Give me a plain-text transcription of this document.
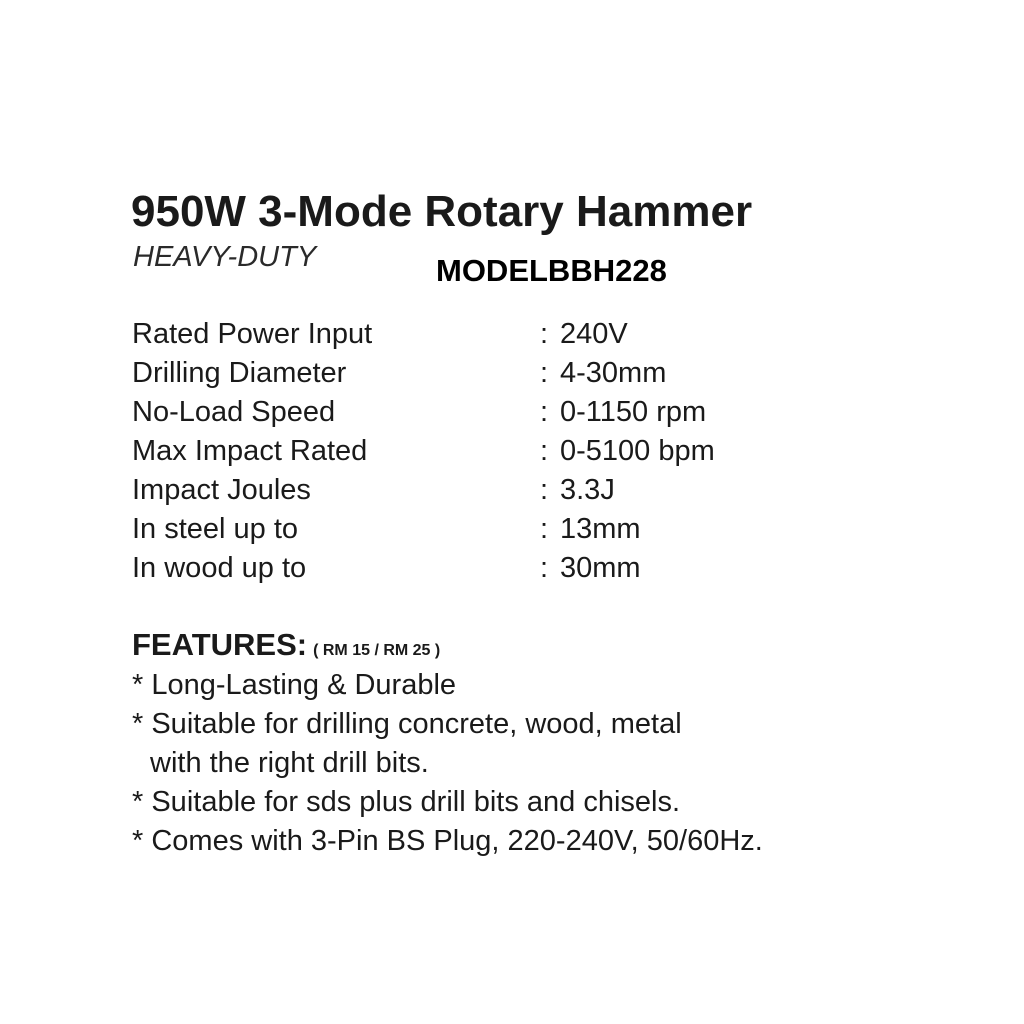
950W 3-Mode Rotary Hammer
HEAVY-DUTY	MODELBBH228
Rated Power Input	: 240V
Drilling Diameter	: 4-30mm
No-Load Speed	: 0-1150 rpm
Max Impact Rated	: 0-5100 bpm
Impact Joules	: 3.3J
In steel up to	: 13mm
In wood up to	: 30mm
FEATURES: ( RM 15 / RM 25 )
* Long-Lasting & Durable
* Suitable for drilling concrete, wood, metal
with the right drill bits.
* Suitable for sds plus drill bits and chisels.
* Comes with 3-Pin BS Plug, 220-240V, 50/60Hz.
